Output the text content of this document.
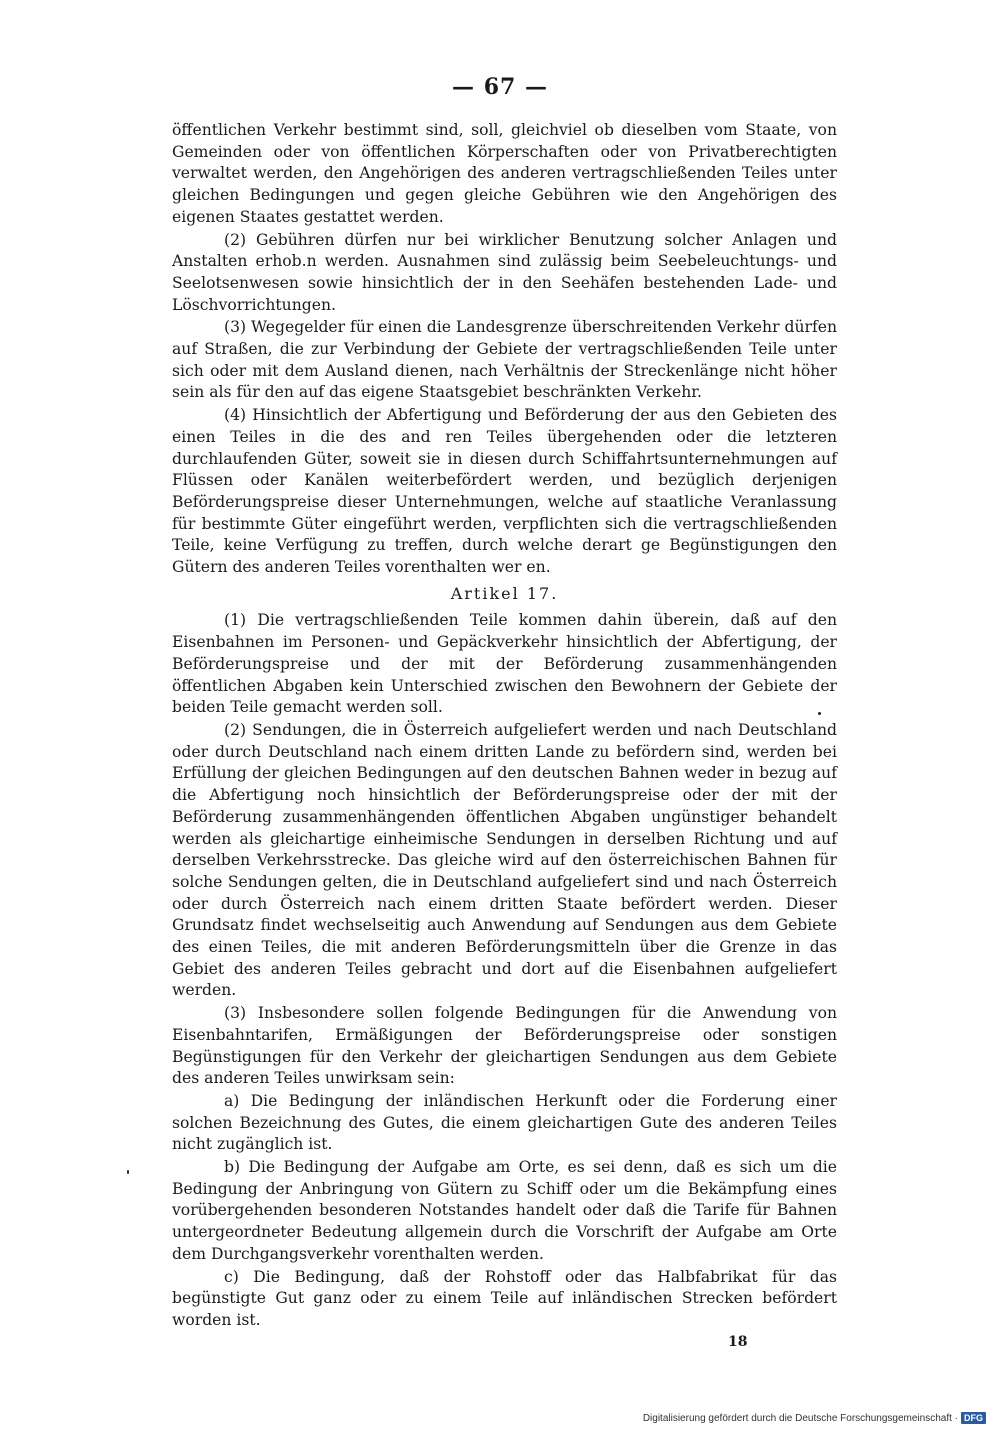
— 67 —

öffentlichen Verkehr bestimmt sind, soll, gleichviel ob dieselben vom Staate, von Gemeinden oder von öffentlichen Körperschaften oder von Privatberechtigten verwaltet werden, den Angehörigen des anderen vertragschließenden Teiles unter gleichen Bedingungen und gegen gleiche Gebühren wie den Angehörigen des eigenen Staates gestattet werden.

(2) Gebühren dürfen nur bei wirklicher Benutzung solcher Anlagen und Anstalten erhob.n werden. Ausnahmen sind zulässig beim Seebeleuchtungs- und Seelotsenwesen sowie hinsichtlich der in den Seehäfen bestehenden Lade- und Löschvorrichtungen.

(3) Wegegelder für einen die Landesgrenze überschreitenden Verkehr dürfen auf Straßen, die zur Verbindung der Gebiete der vertragschließenden Teile unter sich oder mit dem Ausland dienen, nach Verhältnis der Streckenlänge nicht höher sein als für den auf das eigene Staatsgebiet beschränkten Verkehr.

(4) Hinsichtlich der Abfertigung und Beförderung der aus den Gebieten des einen Teiles in die des and ren Teiles übergehenden oder die letzteren durchlaufenden Güter, soweit sie in diesen durch Schiffahrtsunternehmungen auf Flüssen oder Kanälen weiterbefördert werden, und bezüglich derjenigen Beförderungspreise dieser Unternehmungen, welche auf staatliche Veranlassung für bestimmte Güter eingeführt werden, verpflichten sich die vertragschließenden Teile, keine Verfügung zu treffen, durch welche derart ge Begünstigungen den Gütern des anderen Teiles vorenthalten wer en.

Artikel 17.

(1) Die vertragschließenden Teile kommen dahin überein, daß auf den Eisenbahnen im Personen- und Gepäckverkehr hinsichtlich der Abfertigung, der Beförderungspreise und der mit der Beförderung zusammenhängenden öffentlichen Abgaben kein Unterschied zwischen den Bewohnern der Gebiete der beiden Teile gemacht werden soll.

(2) Sendungen, die in Österreich aufgeliefert werden und nach Deutschland oder durch Deutschland nach einem dritten Lande zu befördern sind, werden bei Erfüllung der gleichen Bedingungen auf den deutschen Bahnen weder in bezug auf die Abfertigung noch hinsichtlich der Beförderungspreise oder der mit der Beförderung zusammenhängenden öffentlichen Abgaben ungünstiger behandelt werden als gleichartige einheimische Sendungen in derselben Richtung und auf derselben Verkehrsstrecke. Das gleiche wird auf den österreichischen Bahnen für solche Sendungen gelten, die in Deutschland aufgeliefert sind und nach Österreich oder durch Österreich nach einem dritten Staate befördert werden. Dieser Grundsatz findet wechselseitig auch Anwendung auf Sendungen aus dem Gebiete des einen Teiles, die mit anderen Beförderungsmitteln über die Grenze in das Gebiet des anderen Teiles gebracht und dort auf die Eisenbahnen aufgeliefert werden.

(3) Insbesondere sollen folgende Bedingungen für die Anwendung von Eisenbahntarifen, Ermäßigungen der Beförderungspreise oder sonstigen Begünstigungen für den Verkehr der gleichartigen Sendungen aus dem Gebiete des anderen Teiles unwirksam sein:

a) Die Bedingung der inländischen Herkunft oder die Forderung einer solchen Bezeichnung des Gutes, die einem gleichartigen Gute des anderen Teiles nicht zugänglich ist.

b) Die Bedingung der Aufgabe am Orte, es sei denn, daß es sich um die Bedingung der Anbringung von Gütern zu Schiff oder um die Bekämpfung eines vorübergehenden besonderen Notstandes handelt oder daß die Tarife für Bahnen untergeordneter Bedeutung allgemein durch die Vorschrift der Aufgabe am Orte dem Durchgangsverkehr vorenthalten werden.

c) Die Bedingung, daß der Rohstoff oder das Halbfabrikat für das begünstigte Gut ganz oder zu einem Teile auf inländischen Strecken befördert worden ist.

18
Digitalisierung gefördert durch die Deutsche Forschungsgemeinschaft · DFG
